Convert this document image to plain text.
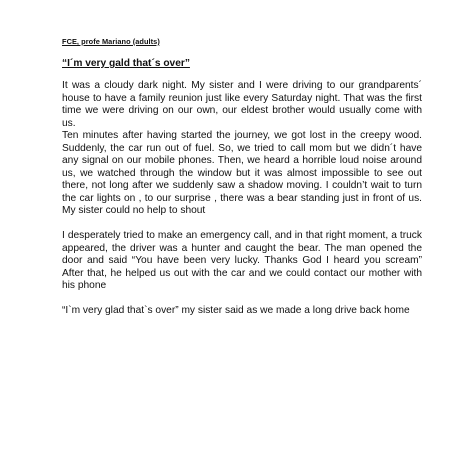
FCE, profe Mariano (adults)
“I´m very gald that´s over”

It was a cloudy dark night. My sister and I were driving to our grandparents´ house to have a family reunion just like every Saturday night. That was the first time we were driving on our own, our eldest brother would usually come with us.

Ten minutes after having started the journey, we got lost in the creepy wood. Suddenly, the car run out of fuel. So, we tried to call mom but we didn´t have any signal on our mobile phones. Then, we heard a horrible loud noise around us, we watched through the window but it was almost impossible to see out there, not long after we suddenly saw a shadow moving. I couldn’t wait to turn the car lights on , to our surprise , there was a bear standing just in front of us. My sister could no help to shout

I desperately tried to make an emergency call, and in that right moment, a truck appeared, the driver was a hunter and caught the bear. The man opened the door and said “You have been very lucky. Thanks God I heard you scream” After that, he helped us out with the car and we could contact our mother with his phone

“I`m very glad that`s over” my sister said as we made a long drive back home
